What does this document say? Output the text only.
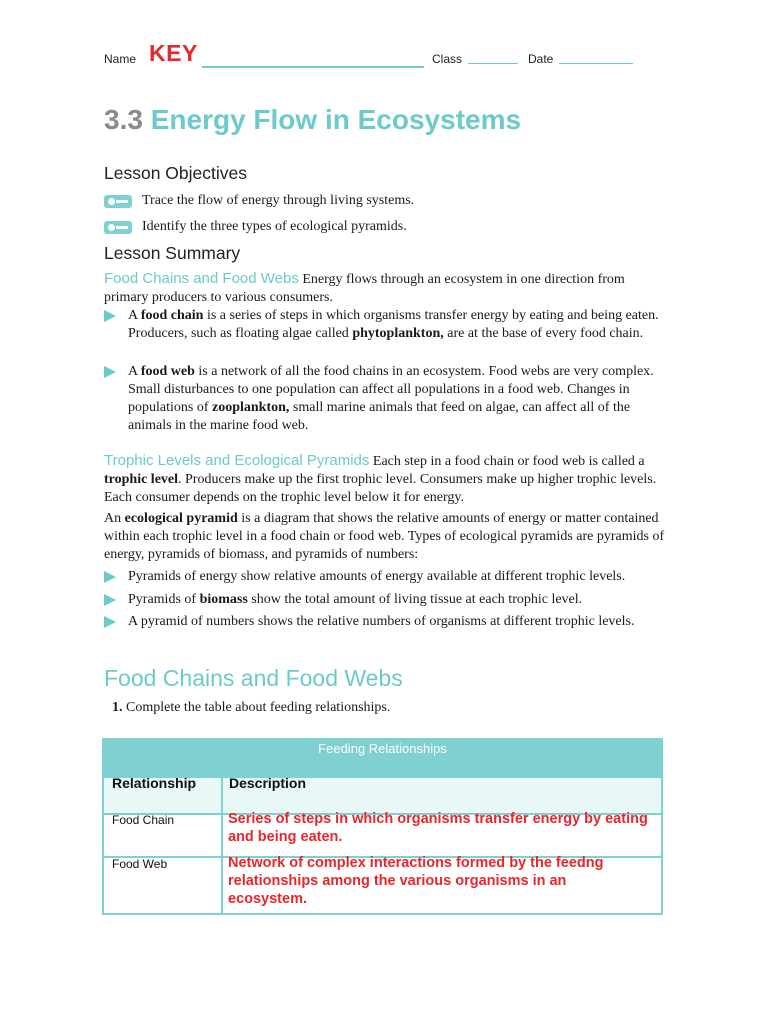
Name KEY	Class	Date
3.3 Energy Flow in Ecosystems
Lesson Objectives
Trace the flow of energy through living systems.
Identify the three types of ecological pyramids.
Lesson Summary
Food Chains and Food Webs Energy flows through an ecosystem in one direction from primary producers to various consumers.
A food chain is a series of steps in which organisms transfer energy by eating and being eaten. Producers, such as floating algae called phytoplankton, are at the base of every food chain.
A food web is a network of all the food chains in an ecosystem. Food webs are very complex. Small disturbances to one population can affect all populations in a food web. Changes in populations of zooplankton, small marine animals that feed on algae, can affect all of the animals in the marine food web.
Trophic Levels and Ecological Pyramids Each step in a food chain or food web is called a trophic level. Producers make up the first trophic level. Consumers make up higher trophic levels. Each consumer depends on the trophic level below it for energy.
An ecological pyramid is a diagram that shows the relative amounts of energy or matter contained within each trophic level in a food chain or food web. Types of ecological pyramids are pyramids of energy, pyramids of biomass, and pyramids of numbers:
Pyramids of energy show relative amounts of energy available at different trophic levels.
Pyramids of biomass show the total amount of living tissue at each trophic level.
A pyramid of numbers shows the relative numbers of organisms at different trophic levels.
Food Chains and Food Webs
1. Complete the table about feeding relationships.
Feeding Relationships
Relationship Description
Food Chain	Series of steps in which organisms transfer energy by eating and being eaten.
Food Web	Network of complex interactions formed by the feedng relationships among the various organisms in an ecosystem.
